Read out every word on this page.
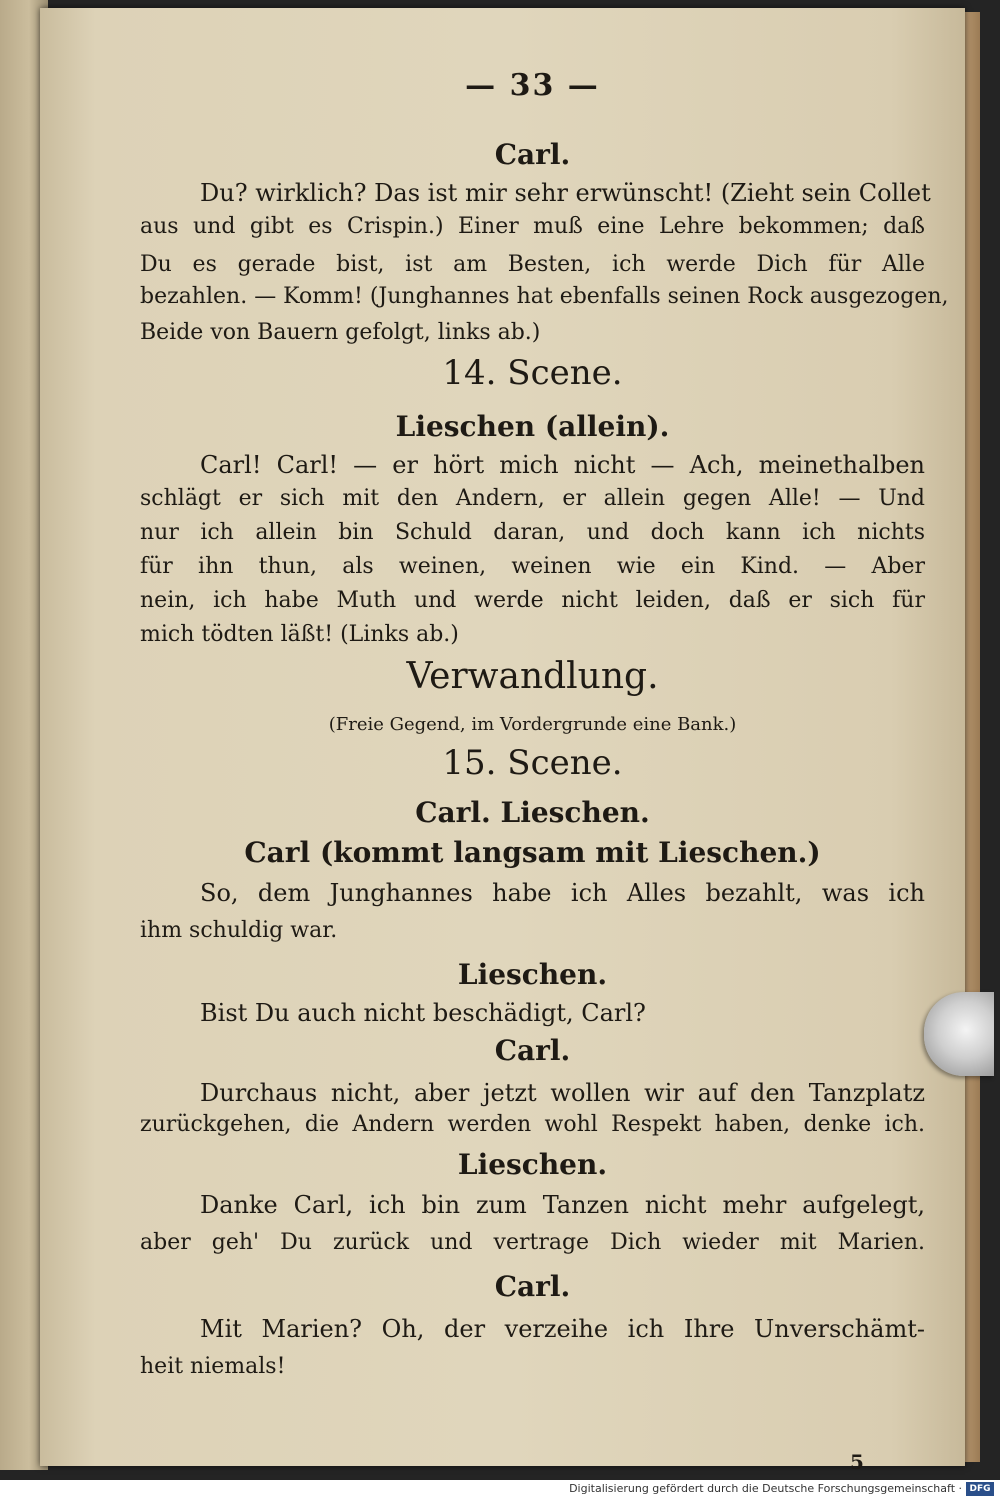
— 33 —
Carl.
Du? wirklich? Das ist mir sehr erwünscht! (Zieht sein Collet
aus und gibt es Crispin.) Einer muß eine Lehre bekommen; daß
Du es gerade bist, ist am Besten, ich werde Dich für Alle
bezahlen. — Komm! (Junghannes hat ebenfalls seinen Rock ausgezogen,
Beide von Bauern gefolgt, links ab.)
14. Scene.
Lieschen (allein).
Carl! Carl! — er hört mich nicht — Ach, meinethalben
schlägt er sich mit den Andern, er allein gegen Alle! — Und
nur ich allein bin Schuld daran, und doch kann ich nichts
für ihn thun, als weinen, weinen wie ein Kind. — Aber
nein, ich habe Muth und werde nicht leiden, daß er sich für
mich tödten läßt! (Links ab.)
Verwandlung.
(Freie Gegend, im Vordergrunde eine Bank.)
15. Scene.
Carl. Lieschen.
Carl (kommt langsam mit Lieschen.)
So, dem Junghannes habe ich Alles bezahlt, was ich
ihm schuldig war.
Lieschen.
Bist Du auch nicht beschädigt, Carl?
Carl.
Durchaus nicht, aber jetzt wollen wir auf den Tanzplatz
zurückgehen, die Andern werden wohl Respekt haben, denke ich.
Lieschen.
Danke Carl, ich bin zum Tanzen nicht mehr aufgelegt,
aber geh' Du zurück und vertrage Dich wieder mit Marien.
Carl.
Mit Marien? Oh, der verzeihe ich Ihre Unverschämt-
heit niemals!
5
Digitalisierung gefördert durch die Deutsche Forschungsgemeinschaft · DFG
